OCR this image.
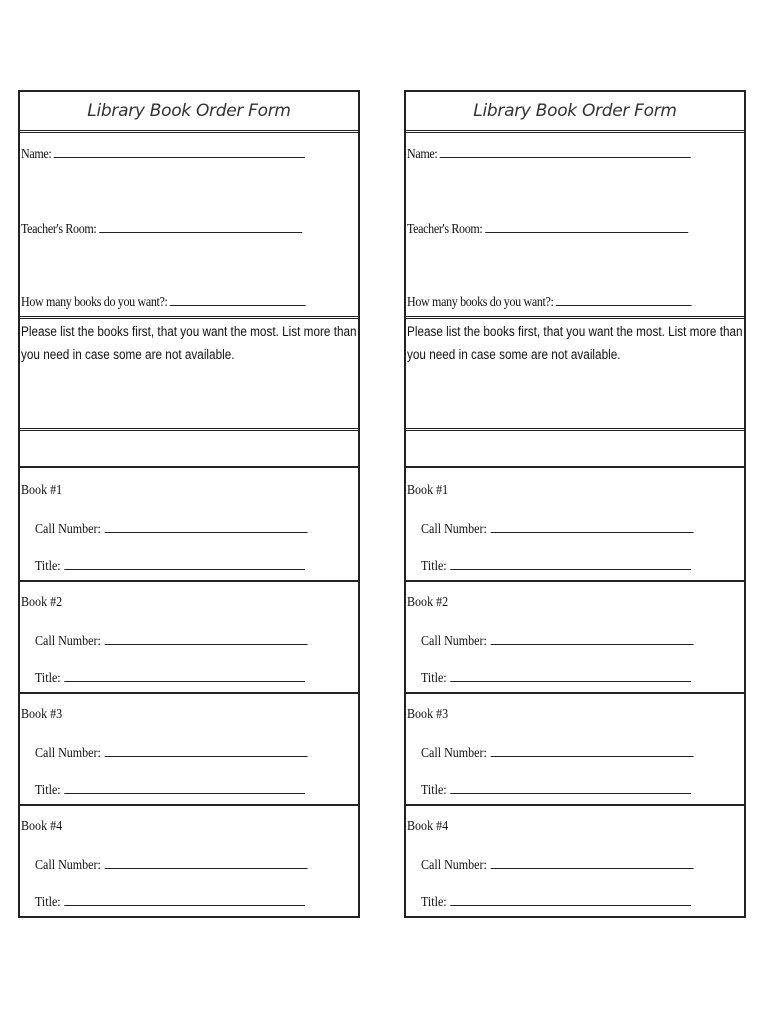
Library Book Order Form
Name:
Teacher's Room:
How many books do you want?:
Please list the books first, that you want the most. List more than you need in case some are not available.
Book #1
Call Number:
Title:
Book #2
Call Number:
Title:
Book #3
Call Number:
Title:
Book #4
Call Number:
Title:
Library Book Order Form
Name:
Teacher's Room:
How many books do you want?:
Please list the books first, that you want the most. List more than you need in case some are not available.
Book #1
Call Number:
Title:
Book #2
Call Number:
Title:
Book #3
Call Number:
Title:
Book #4
Call Number:
Title:
